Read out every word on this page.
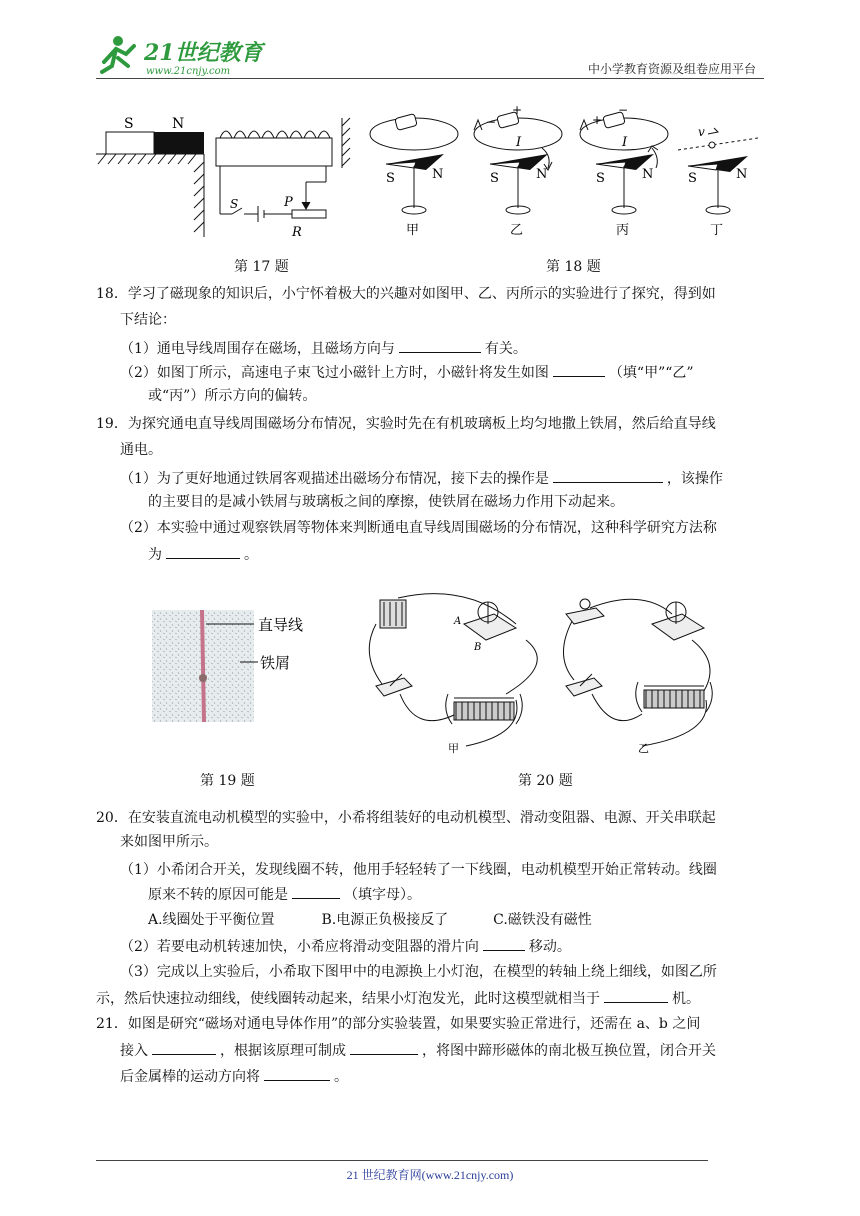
21世纪教育
www.21cnjy.com	中小学教育资源及组卷应用平台
S	N
S	P
R
S	N
甲
+
−
I
S	N
乙
+
−
I
S	N
丙
v
S	N
丁
第 17 题	第 18 题
18．学习了磁现象的知识后，小宁怀着极大的兴趣对如图甲、乙、丙所示的实验进行了探究，得到如
下结论：
（1）通电导线周围存在磁场，且磁场方向与	有关。
（2）如图丁所示，高速电子束飞过小磁针上方时，小磁针将发生如图	（填“甲”“乙”
或“丙”）所示方向的偏转。
19．为探究通电直导线周围磁场分布情况，实验时先在有机玻璃板上均匀地撒上铁屑，然后给直导线
通电。
（1）为了更好地通过铁屑客观描述出磁场分布情况，接下去的操作是	，该操作
的主要目的是减小铁屑与玻璃板之间的摩擦，使铁屑在磁场力作用下动起来。
（2）本实验中通过观察铁屑等物体来判断通电直导线周围磁场的分布情况，这种科学研究方法称
为	。
直导线
铁屑
A
B
甲	乙
第 19 题	第 20 题
20．在安装直流电动机模型的实验中，小希将组装好的电动机模型、滑动变阻器、电源、开关串联起
来如图甲所示。
（1）小希闭合开关，发现线圈不转，他用手轻轻转了一下线圈，电动机模型开始正常转动。线圈
原来不转的原因可能是	（填字母）。
A.线圈处于平衡位置	B.电源正负极接反了	C.磁铁没有磁性
（2）若要电动机转速加快，小希应将滑动变阻器的滑片向	移动。
（3）完成以上实验后，小希取下图甲中的电源换上小灯泡，在模型的转轴上绕上细线，如图乙所
示，然后快速拉动细线，使线圈转动起来，结果小灯泡发光，此时这模型就相当于	机。
21．如图是研究“磁场对通电导体作用”的部分实验装置，如果要实验正常进行，还需在 a、b 之间
接入	，根据该原理可制成	，将图中蹄形磁体的南北极互换位置，闭合开关
后金属棒的运动方向将	。
21 世纪教育网(www.21cnjy.com)
